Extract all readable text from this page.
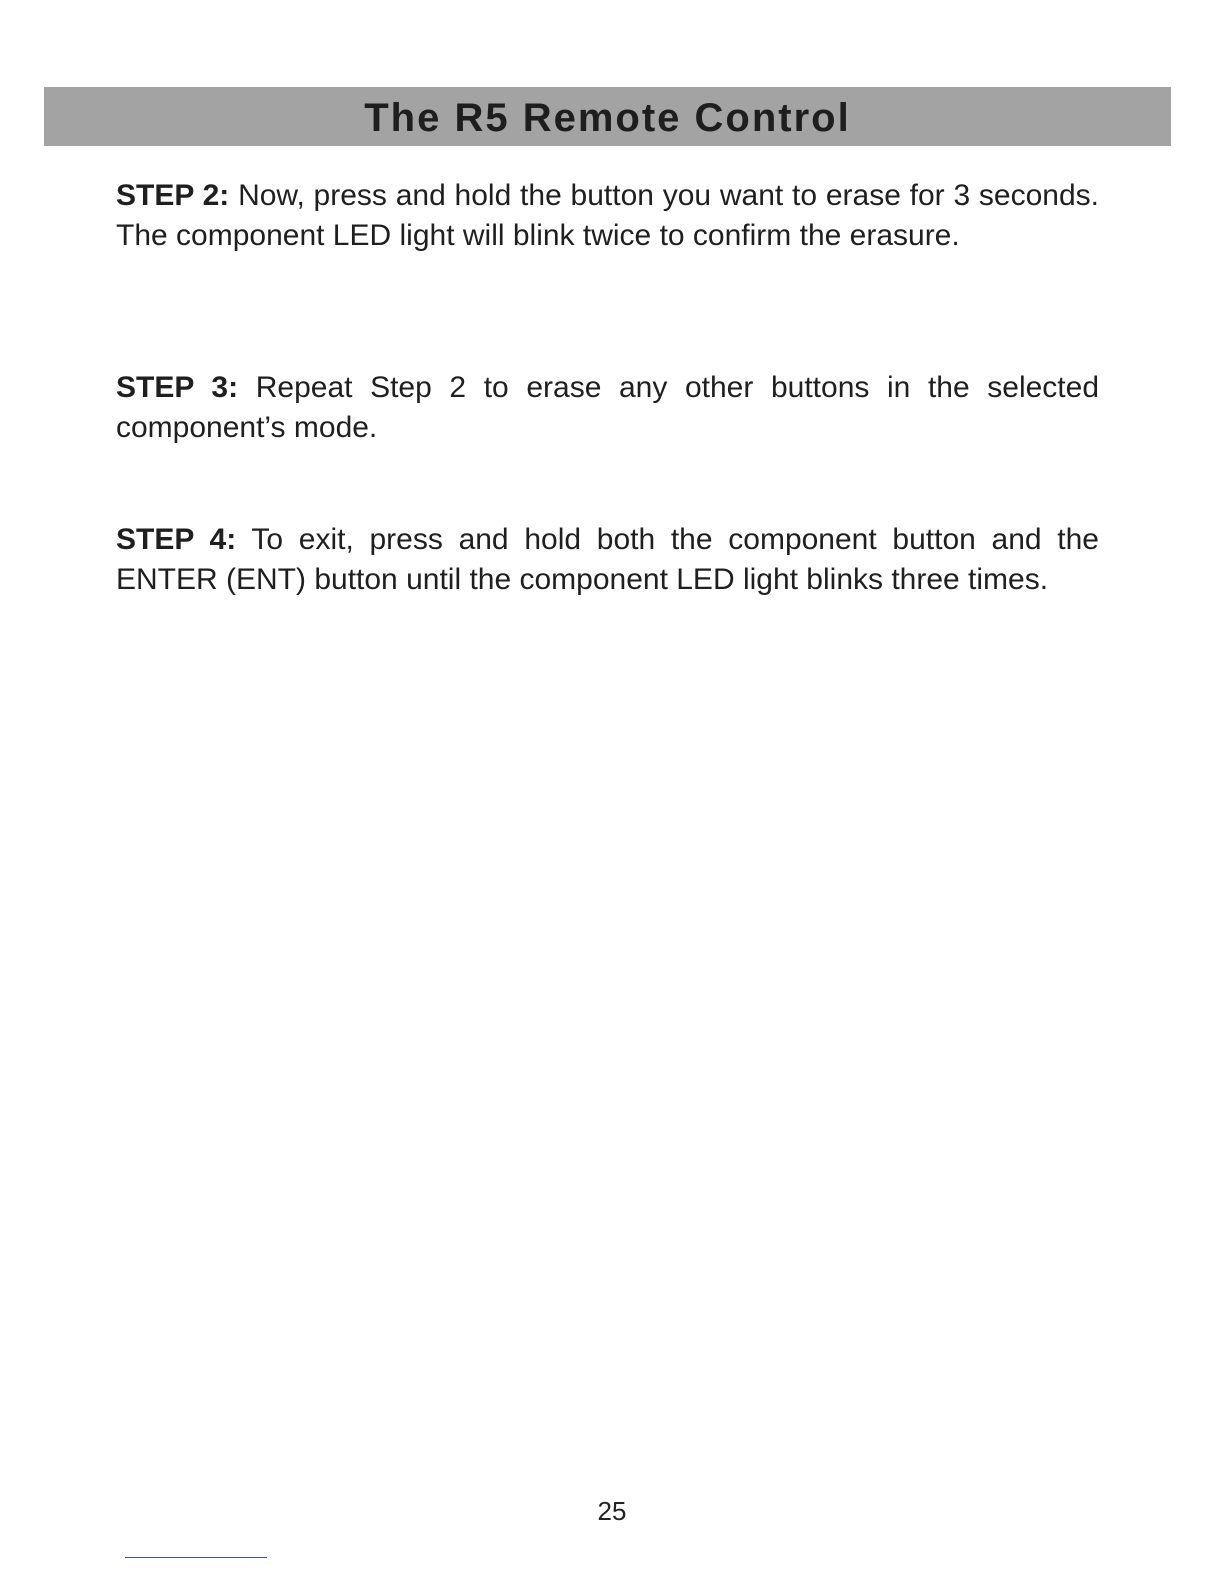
The R5 Remote Control

STEP 2: Now, press and hold the button you want to erase for 3 seconds. The component LED light will blink twice to confirm the erasure.

STEP 3: Repeat Step 2 to erase any other buttons in the selected component’s mode.

STEP 4: To exit, press and hold both the component button and the ENTER (ENT) button until the component LED light blinks three times.

25
